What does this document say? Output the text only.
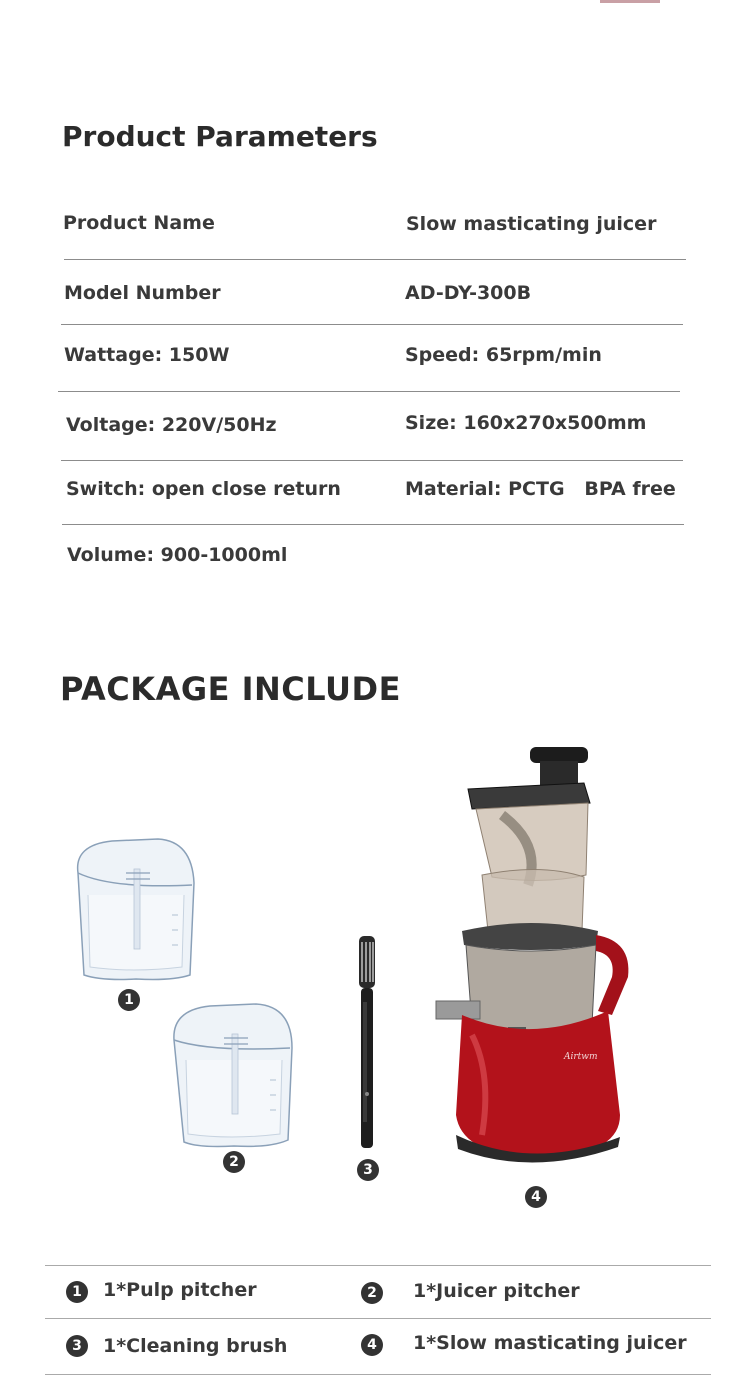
Product Parameters
Product Name	Slow masticating juicer
Model Number	AD-DY-300B
Wattage: 150W	Speed: 65rpm/min
Voltage: 220V/50Hz	Size: 160x270x500mm
Switch: open close return	Material: PCTG   BPA free
Volume: 900-1000ml
PACKAGE INCLUDE
1
2	3
Airtwm
4
1	1*Pulp pitcher	2	1*Juicer pitcher
3	1*Cleaning brush	4	1*Slow masticating juicer
